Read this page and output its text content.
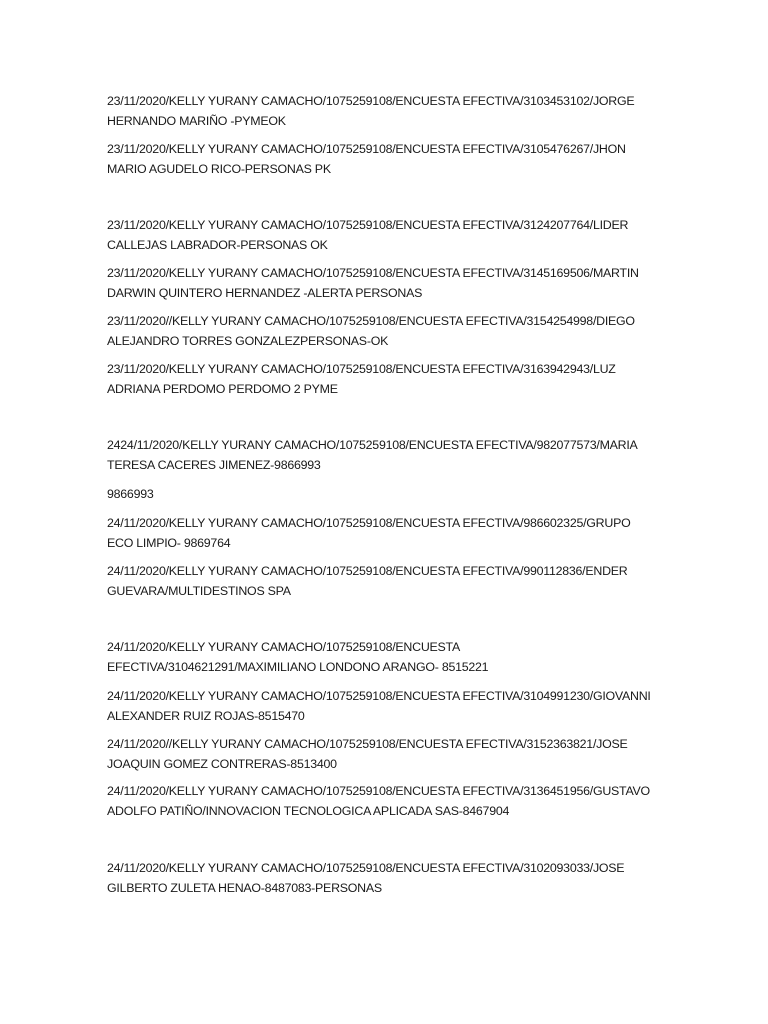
23/11/2020/KELLY YURANY CAMACHO/1075259108/ENCUESTA EFECTIVA/3103453102/JORGE
HERNANDO MARIÑO -PYMEOK

23/11/2020/KELLY YURANY CAMACHO/1075259108/ENCUESTA EFECTIVA/3105476267/JHON
MARIO AGUDELO RICO-PERSONAS PK

23/11/2020/KELLY YURANY CAMACHO/1075259108/ENCUESTA EFECTIVA/3124207764/LIDER
CALLEJAS LABRADOR-PERSONAS OK

23/11/2020/KELLY YURANY CAMACHO/1075259108/ENCUESTA EFECTIVA/3145169506/MARTIN
DARWIN QUINTERO HERNANDEZ -ALERTA PERSONAS

23/11/2020//KELLY YURANY CAMACHO/1075259108/ENCUESTA EFECTIVA/3154254998/DIEGO
ALEJANDRO TORRES GONZALEZPERSONAS-OK

23/11/2020/KELLY YURANY CAMACHO/1075259108/ENCUESTA EFECTIVA/3163942943/LUZ
ADRIANA PERDOMO PERDOMO 2 PYME

2424/11/2020/KELLY YURANY CAMACHO/1075259108/ENCUESTA EFECTIVA/982077573/MARIA
TERESA CACERES JIMENEZ-9866993

9866993

24/11/2020/KELLY YURANY CAMACHO/1075259108/ENCUESTA EFECTIVA/986602325/GRUPO
ECO LIMPIO- 9869764

24/11/2020/KELLY YURANY CAMACHO/1075259108/ENCUESTA EFECTIVA/990112836/ENDER
GUEVARA/MULTIDESTINOS SPA

24/11/2020/KELLY YURANY CAMACHO/1075259108/ENCUESTA
EFECTIVA/3104621291/MAXIMILIANO LONDONO ARANGO- 8515221

24/11/2020/KELLY YURANY CAMACHO/1075259108/ENCUESTA EFECTIVA/3104991230/GIOVANNI
ALEXANDER RUIZ ROJAS-8515470

24/11/2020//KELLY YURANY CAMACHO/1075259108/ENCUESTA EFECTIVA/3152363821/JOSE
JOAQUIN GOMEZ CONTRERAS-8513400

24/11/2020/KELLY YURANY CAMACHO/1075259108/ENCUESTA EFECTIVA/3136451956/GUSTAVO
ADOLFO PATIÑO/INNOVACION TECNOLOGICA APLICADA SAS-8467904

24/11/2020/KELLY YURANY CAMACHO/1075259108/ENCUESTA EFECTIVA/3102093033/JOSE
GILBERTO ZULETA HENAO-8487083-PERSONAS
